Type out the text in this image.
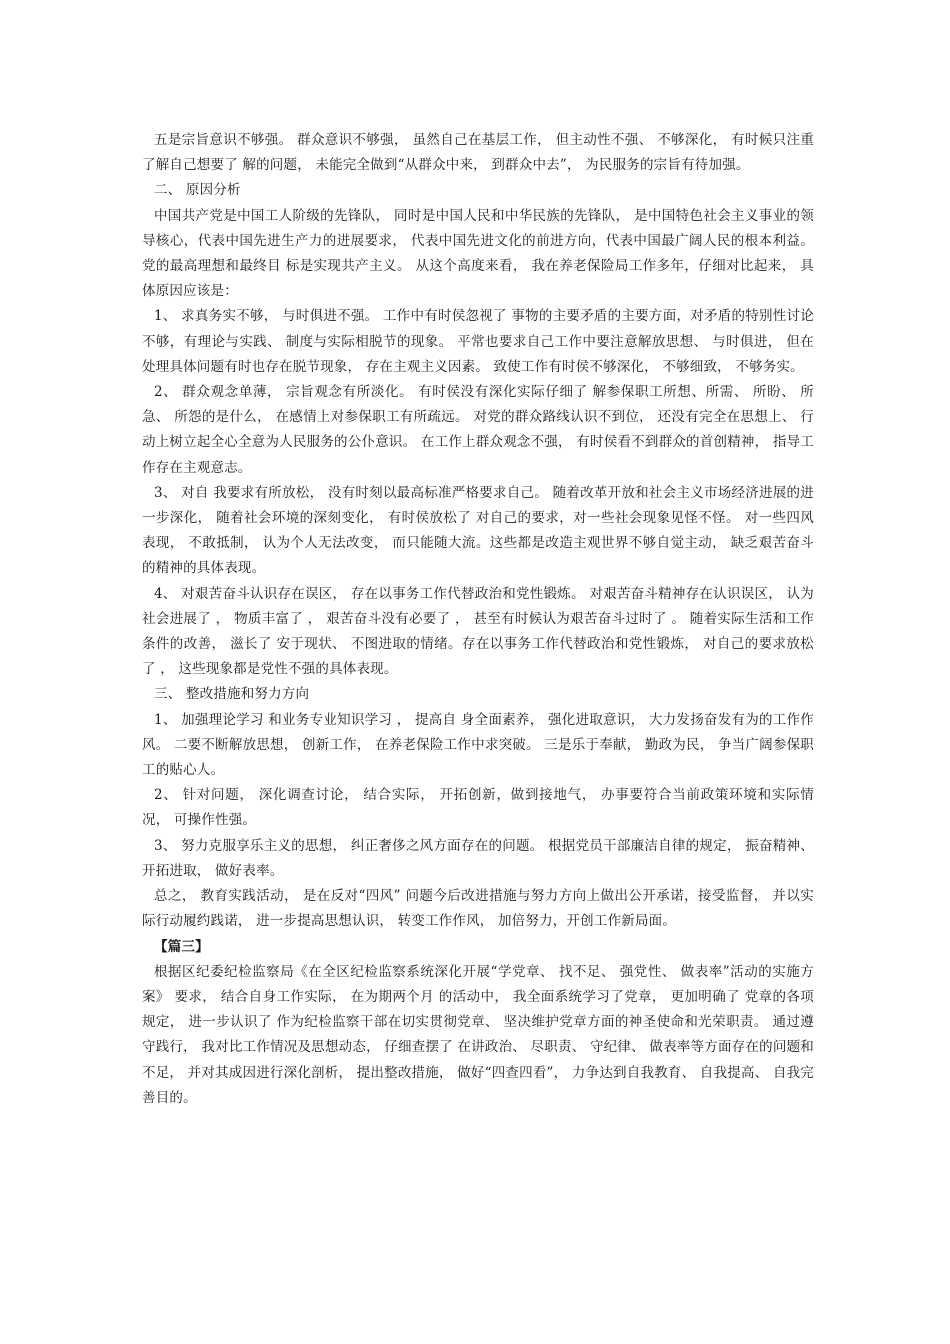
五是宗旨意识不够强。 群众意识不够强， 虽然自己在基层工作， 但主动性不强、 不够深化， 有时候只注重了解自己想要了 解的问题， 未能完全做到“从群众中来， 到群众中去”， 为民服务的宗旨有待加强。

二、 原因分析

中国共产党是中国工人阶级的先锋队， 同时是中国人民和中华民族的先锋队， 是中国特色社会主义事业的领导核心，代表中国先进生产力的进展要求， 代表中国先进文化的前进方向，代表中国最广阔人民的根本利益。 党的最高理想和最终目 标是实现共产主义。 从这个高度来看， 我在养老保险局工作多年，仔细对比起来， 具体原因应该是：

1、 求真务实不够， 与时俱进不强。 工作中有时侯忽视了 事物的主要矛盾的主要方面，对矛盾的特别性讨论不够，有理论与实践、 制度与实际相脱节的现象。 平常也要求自己工作中要注意解放思想、 与时俱进， 但在处理具体问题有时也存在脱节现象， 存在主观主义因素。 致使工作有时侯不够深化， 不够细致， 不够务实。

2、 群众观念单薄， 宗旨观念有所淡化。 有时侯没有深化实际仔细了 解参保职工所想、所需、 所盼、 所急、 所怨的是什么， 在感情上对参保职工有所疏远。 对党的群众路线认识不到位， 还没有完全在思想上、 行动上树立起全心全意为人民服务的公仆意识。 在工作上群众观念不强， 有时侯看不到群众的首创精神， 指导工作存在主观意志。

3、 对自 我要求有所放松， 没有时刻以最高标准严格要求自己。 随着改革开放和社会主义市场经济进展的进一步深化， 随着社会环境的深刻变化， 有时侯放松了 对自己的要求，对一些社会现象见怪不怪。 对一些四风表现， 不敢抵制， 认为个人无法改变， 而只能随大流。这些都是改造主观世界不够自觉主动， 缺乏艰苦奋斗的精神的具体表现。

4、 对艰苦奋斗认识存在误区， 存在以事务工作代替政治和党性锻炼。 对艰苦奋斗精神存在认识误区， 认为社会进展了 ， 物质丰富了 ， 艰苦奋斗没有必要了 ， 甚至有时候认为艰苦奋斗过时了 。 随着实际生活和工作条件的改善， 滋长了 安于现状、 不图进取的情绪。存在以事务工作代替政治和党性锻炼， 对自己的要求放松了 ， 这些现象都是党性不强的具体表现。

三、 整改措施和努力方向

1、 加强理论学习 和业务专业知识学习 ， 提高自 身全面素养， 强化进取意识， 大力发扬奋发有为的工作作风。 二要不断解放思想， 创新工作， 在养老保险工作中求突破。 三是乐于奉献， 勤政为民， 争当广阔参保职工的贴心人。

2、 针对问题， 深化调查讨论， 结合实际， 开拓创新，做到接地气， 办事要符合当前政策环境和实际情况， 可操作性强。

3、 努力克服享乐主义的思想， 纠正奢侈之风方面存在的问题。 根据党员干部廉洁自律的规定， 振奋精神、 开拓进取， 做好表率。

总之， 教育实践活动， 是在反对“四风” 问题今后改进措施与努力方向上做出公开承诺，接受监督， 并以实际行动履约践诺， 进一步提高思想认识， 转变工作作风， 加倍努力，开创工作新局面。

【篇三】

根据区纪委纪检监察局《在全区纪检监察系统深化开展“学党章、 找不足、 强党性、 做表率”活动的实施方案》 要求， 结合自身工作实际， 在为期两个月 的活动中， 我全面系统学习了党章， 更加明确了 党章的各项规定， 进一步认识了 作为纪检监察干部在切实贯彻党章、 坚决维护党章方面的神圣使命和光荣职责。 通过遵守践行， 我对比工作情况及思想动态， 仔细查摆了 在讲政治、 尽职责、 守纪律、 做表率等方面存在的问题和不足， 并对其成因进行深化剖析， 提出整改措施， 做好“四查四看”， 力争达到自我教育、 自我提高、 自我完善目的。
